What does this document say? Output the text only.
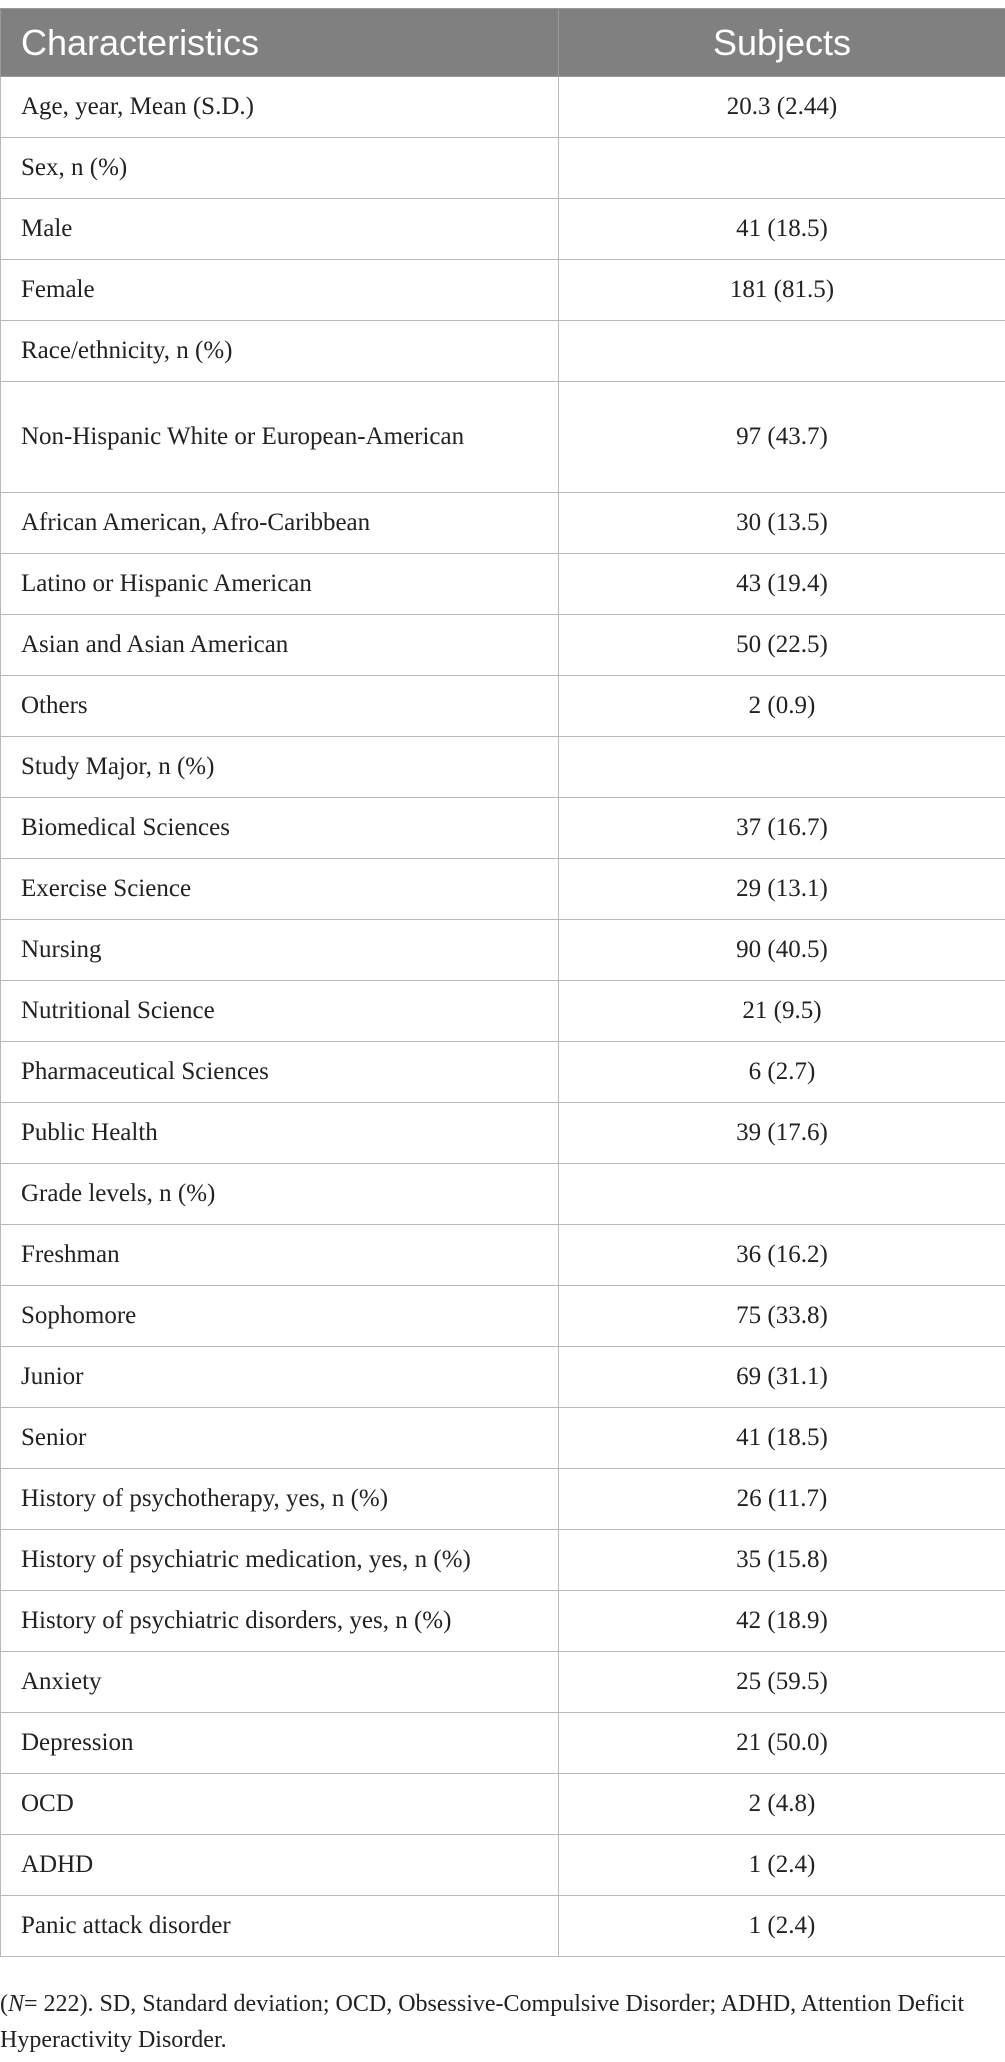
Characteristics	Subjects
Age, year, Mean (S.D.)	20.3 (2.44)
Sex, n (%)	
Male	41 (18.5)
Female	181 (81.5)
Race/ethnicity, n (%)	
Non-Hispanic White or European-American	97 (43.7)
African American, Afro-Caribbean	30 (13.5)
Latino or Hispanic American	43 (19.4)
Asian and Asian American	50 (22.5)
Others	2 (0.9)
Study Major, n (%)	
Biomedical Sciences	37 (16.7)
Exercise Science	29 (13.1)
Nursing	90 (40.5)
Nutritional Science	21 (9.5)
Pharmaceutical Sciences	6 (2.7)
Public Health	39 (17.6)
Grade levels, n (%)	
Freshman	36 (16.2)
Sophomore	75 (33.8)
Junior	69 (31.1)
Senior	41 (18.5)
History of psychotherapy, yes, n (%)	26 (11.7)
History of psychiatric medication, yes, n (%)	35 (15.8)
History of psychiatric disorders, yes, n (%)	42 (18.9)
Anxiety	25 (59.5)
Depression	21 (50.0)
OCD	2 (4.8)
ADHD	1 (2.4)
Panic attack disorder	1 (2.4)
(N= 222). SD, Standard deviation; OCD, Obsessive-Compulsive Disorder; ADHD, Attention Deficit Hyperactivity Disorder.
